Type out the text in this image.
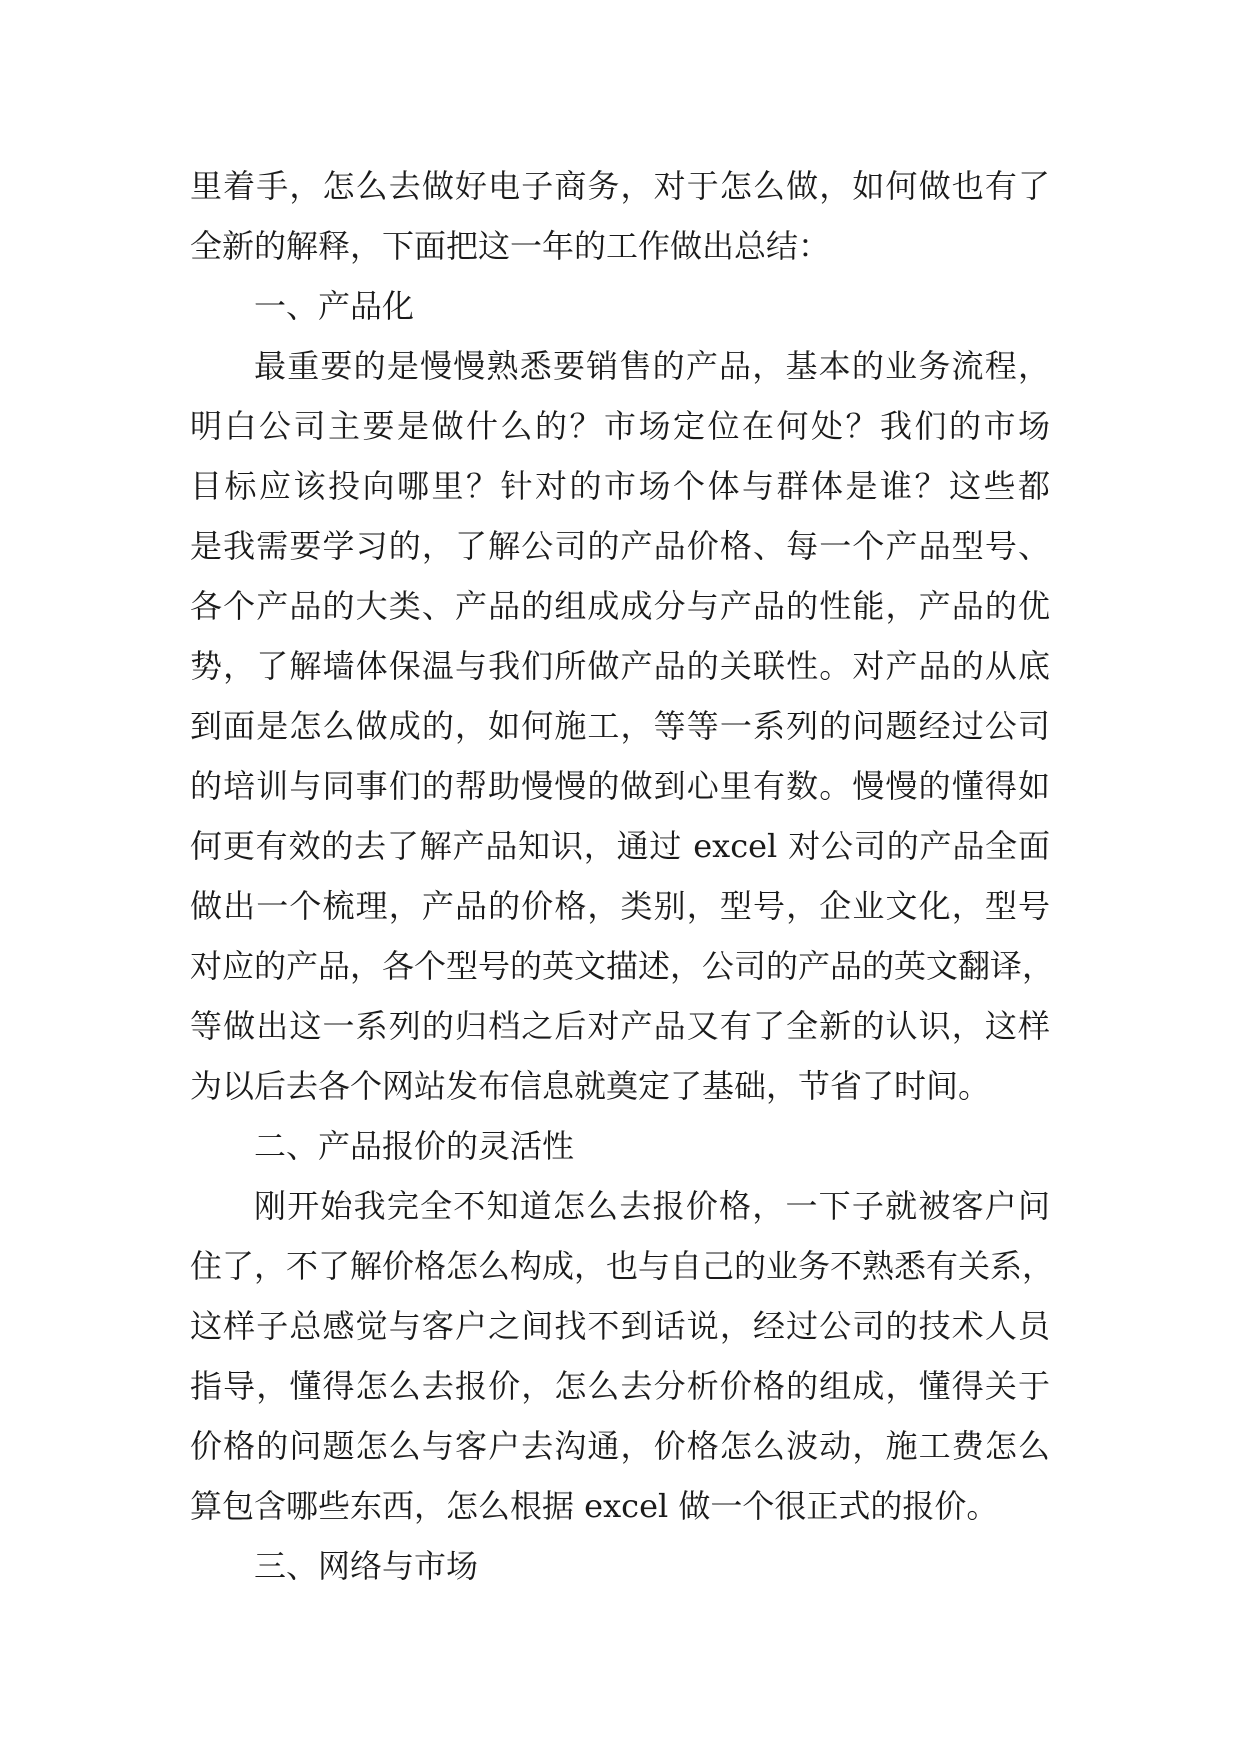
里着手，怎么去做好电子商务，对于怎么做，如何做也有了
全新的解释，下面把这一年的工作做出总结：
一、产品化
最重要的是慢慢熟悉要销售的产品，基本的业务流程，
明白公司主要是做什么的？市场定位在何处？我们的市场
目标应该投向哪里？针对的市场个体与群体是谁？这些都
是我需要学习的，了解公司的产品价格、每一个产品型号、
各个产品的大类、产品的组成成分与产品的性能，产品的优
势，了解墙体保温与我们所做产品的关联性。对产品的从底
到面是怎么做成的，如何施工，等等一系列的问题经过公司
的培训与同事们的帮助慢慢的做到心里有数。慢慢的懂得如
何更有效的去了解产品知识，通过 excel 对公司的产品全面
做出一个梳理，产品的价格，类别，型号，企业文化，型号
对应的产品，各个型号的英文描述，公司的产品的英文翻译，
等做出这一系列的归档之后对产品又有了全新的认识，这样
为以后去各个网站发布信息就奠定了基础，节省了时间。
二、产品报价的灵活性
刚开始我完全不知道怎么去报价格，一下子就被客户问
住了，不了解价格怎么构成，也与自己的业务不熟悉有关系，
这样子总感觉与客户之间找不到话说，经过公司的技术人员
指导，懂得怎么去报价，怎么去分析价格的组成，懂得关于
价格的问题怎么与客户去沟通，价格怎么波动，施工费怎么
算包含哪些东西，怎么根据 excel 做一个很正式的报价。
三、网络与市场
